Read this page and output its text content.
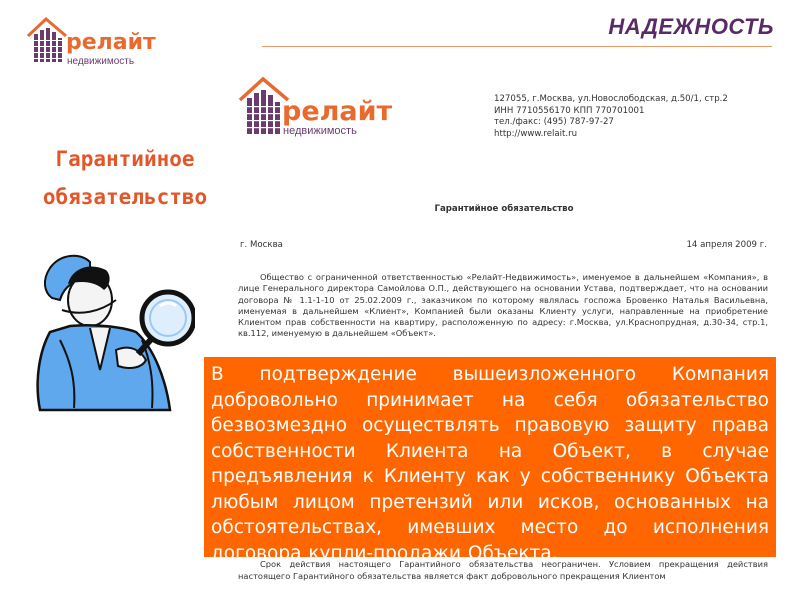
релайт
недвижимость
НАДЕЖНОСТЬ
Гарантийное
обязательство
релайт
недвижимость
127055, г.Москва, ул.Новослободская, д.50/1, стр.2
ИНН 7710556170 КПП 770701001
тел./факс: (495) 787-97-27
http://www.relait.ru
Гарантийное обязательство
г. Москва	14 апреля 2009 г.
Общество с ограниченной ответственностью «Релайт-Недвижимость», именуемое в дальнейшем «Компания», в лице Генерального директора Самойлова О.П., действующего на основании Устава, подтверждает, что на основании договора № 1.1-1-10 от 25.02.2009 г., заказчиком по которому являлась госпожа Бровенко Наталья Васильевна, именуемая в дальнейшем «Клиент», Компанией были оказаны Клиенту услуги, направленные на приобретение Клиентом прав собственности на квартиру, расположенную по адресу: г.Москва, ул.Краснопрудная, д.30-34, стр.1, кв.112, именуемую в дальнейшем «Объект».
Срок действия настоящего Гарантийного обязательства неограничен. Условием прекращения действия настоящего Гарантийного обязательства является факт добровольного прекращения Клиентом
В подтверждение вышеизложенного Компания добровольно принимает на себя обязательство безвозмездно осуществлять правовую защиту права собственности Клиента на Объект, в случае предъявления к Клиенту как у собственнику Объекта любым лицом претензий или исков, основанных на обстоятельствах, имевших место до исполнения договора купли-продажи Объекта.
